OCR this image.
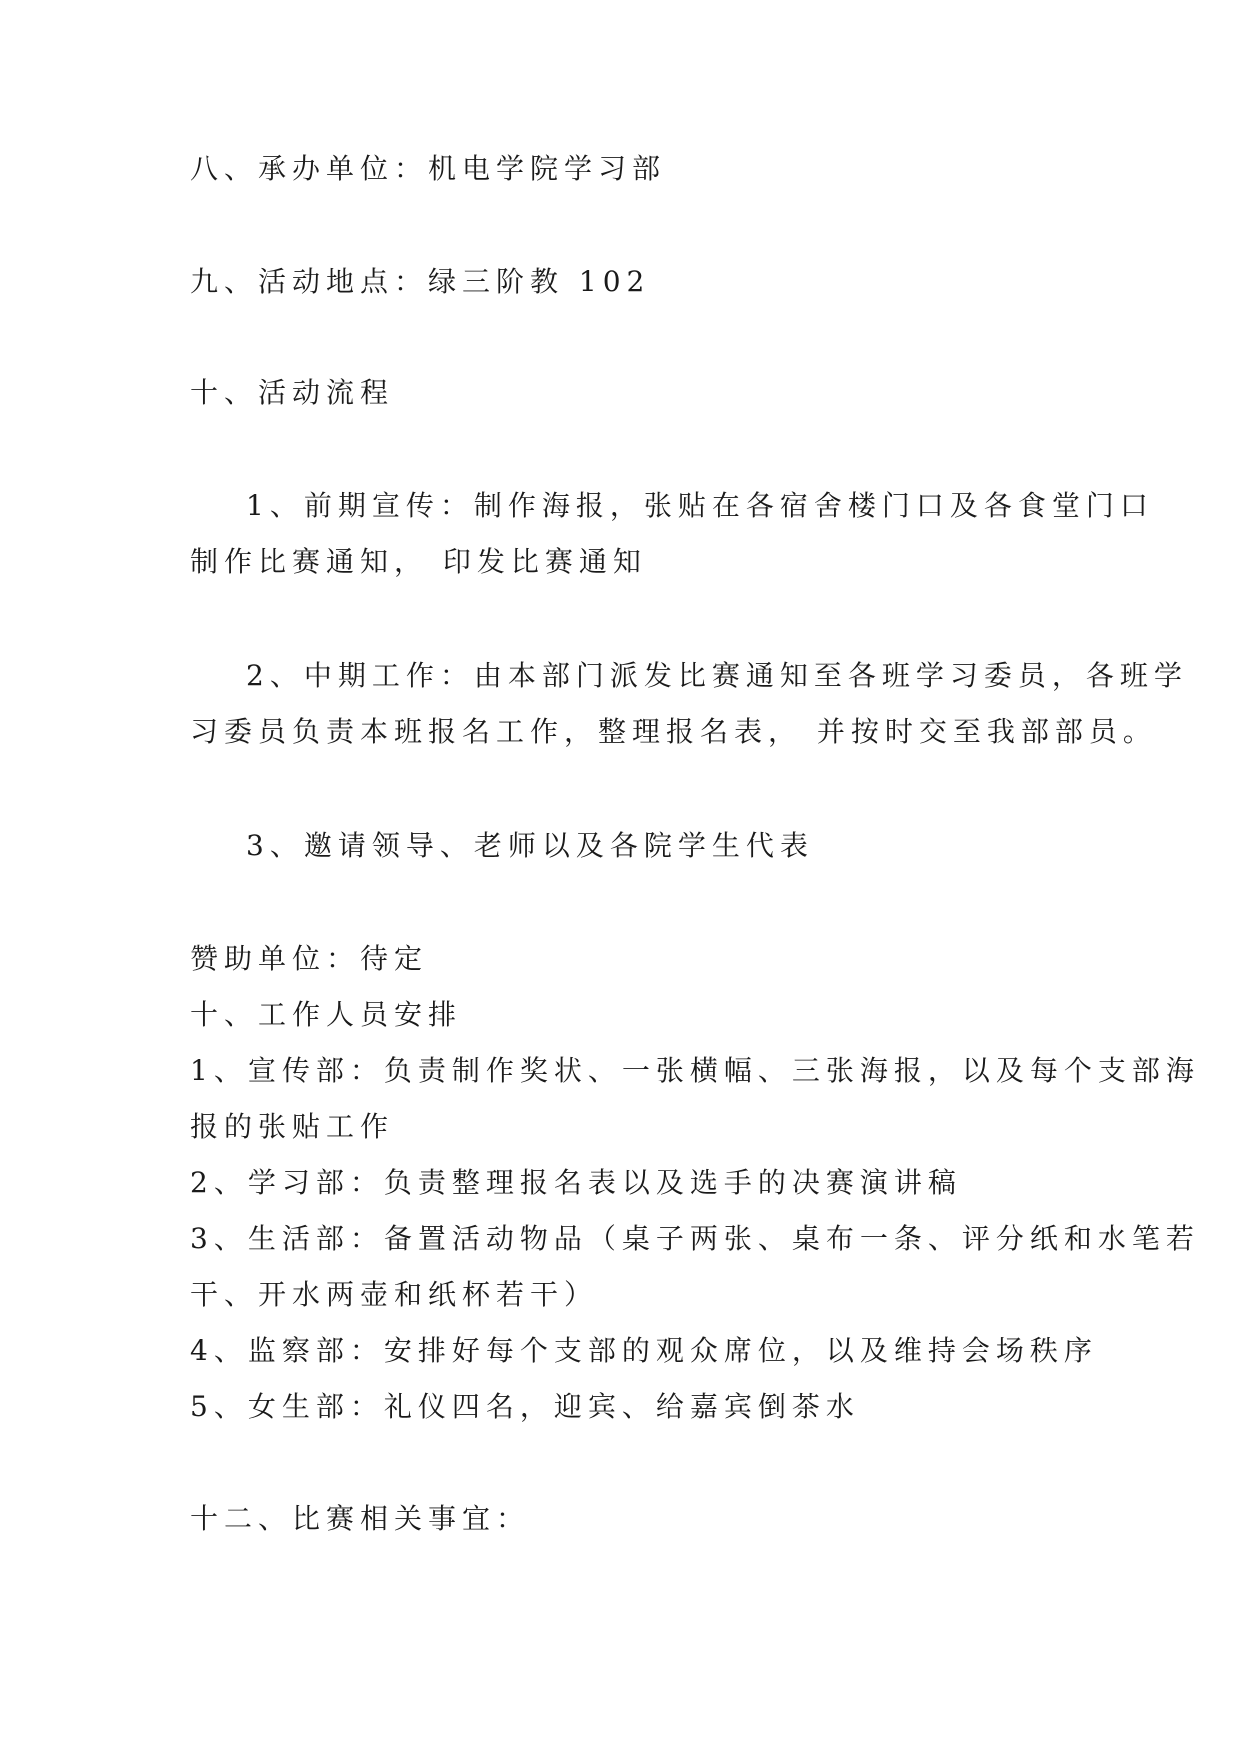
八、承办单位：机电学院学习部
九、活动地点：绿三阶教 102
十、活动流程
1、前期宣传：制作海报，张贴在各宿舍楼门口及各食堂门口
制作比赛通知， 印发比赛通知
2、中期工作：由本部门派发比赛通知至各班学习委员，各班学
习委员负责本班报名工作，整理报名表， 并按时交至我部部员。
3、邀请领导、老师以及各院学生代表
赞助单位：待定
十、工作人员安排
1、宣传部：负责制作奖状、一张横幅、三张海报，以及每个支部海
报的张贴工作
2、学习部：负责整理报名表以及选手的决赛演讲稿
3、生活部：备置活动物品（桌子两张、桌布一条、评分纸和水笔若
干、开水两壶和纸杯若干）
4、监察部：安排好每个支部的观众席位，以及维持会场秩序
5、女生部：礼仪四名，迎宾、给嘉宾倒茶水
十二、比赛相关事宜：
